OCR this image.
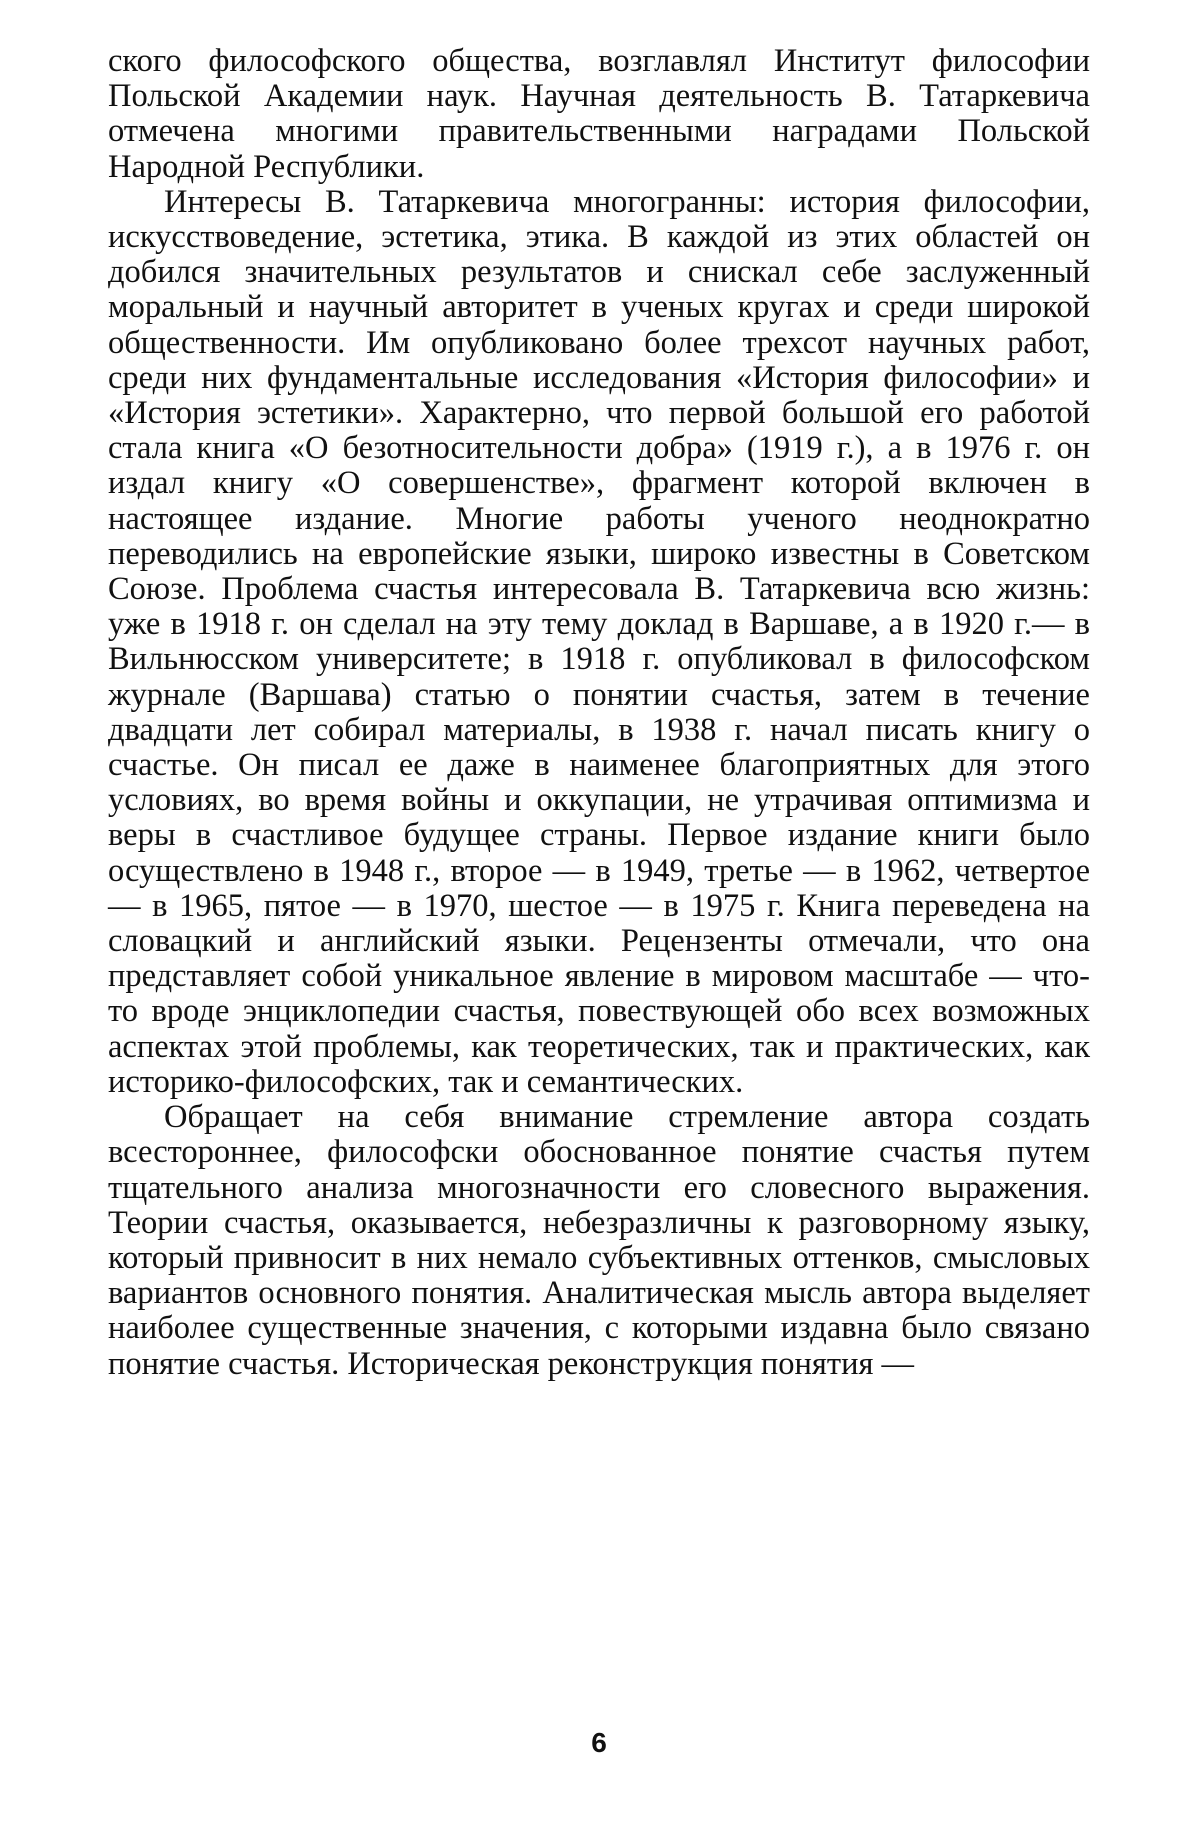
ского философского общества, возглавлял Институт философии Польской Академии наук. Научная деятельность В. Татаркевича отмечена многими правительственными наградами Польской Народной Республики.

Интересы В. Татаркевича многогранны: история философии, искусствоведение, эстетика, этика. В каждой из этих областей он добился значительных результатов и снискал себе заслуженный моральный и научный авторитет в ученых кругах и среди широкой общественности. Им опубликовано более трехсот научных работ, среди них фундаментальные исследования «История философии» и «История эстетики». Характерно, что первой большой его работой стала книга «О безотносительности добра» (1919 г.), а в 1976 г. он издал книгу «О совершенстве», фрагмент которой включен в настоящее издание. Многие работы ученого неоднократно переводились на европейские языки, широко известны в Советском Союзе. Проблема счастья интересовала В. Татаркевича всю жизнь: уже в 1918 г. он сделал на эту тему доклад в Варшаве, а в 1920 г.— в Вильнюсском университете; в 1918 г. опубликовал в философском журнале (Варшава) статью о понятии счастья, затем в течение двадцати лет собирал материалы, в 1938 г. начал писать книгу о счастье. Он писал ее даже в наименее благоприятных для этого условиях, во время войны и оккупации, не утрачивая оптимизма и веры в счастливое будущее страны. Первое издание книги было осуществлено в 1948 г., второе — в 1949, третье — в 1962, четвертое — в 1965, пятое — в 1970, шестое — в 1975 г. Книга переведена на словацкий и английский языки. Рецензенты отмечали, что она представляет собой уникальное явление в мировом масштабе — что-то вроде энциклопедии счастья, повествующей обо всех возможных аспектах этой проблемы, как теоретических, так и практических, как историко-философских, так и семантических.

Обращает на себя внимание стремление автора создать всестороннее, философски обоснованное понятие счастья путем тщательного анализа многозначности его словесного выражения. Теории счастья, оказывается, небезразличны к разговорному языку, который привносит в них немало субъективных оттенков, смысловых вариантов основного понятия. Аналитическая мысль автора выделяет наиболее существенные значения, с которыми издавна было связано понятие счастья. Историческая реконструкция понятия —

6
